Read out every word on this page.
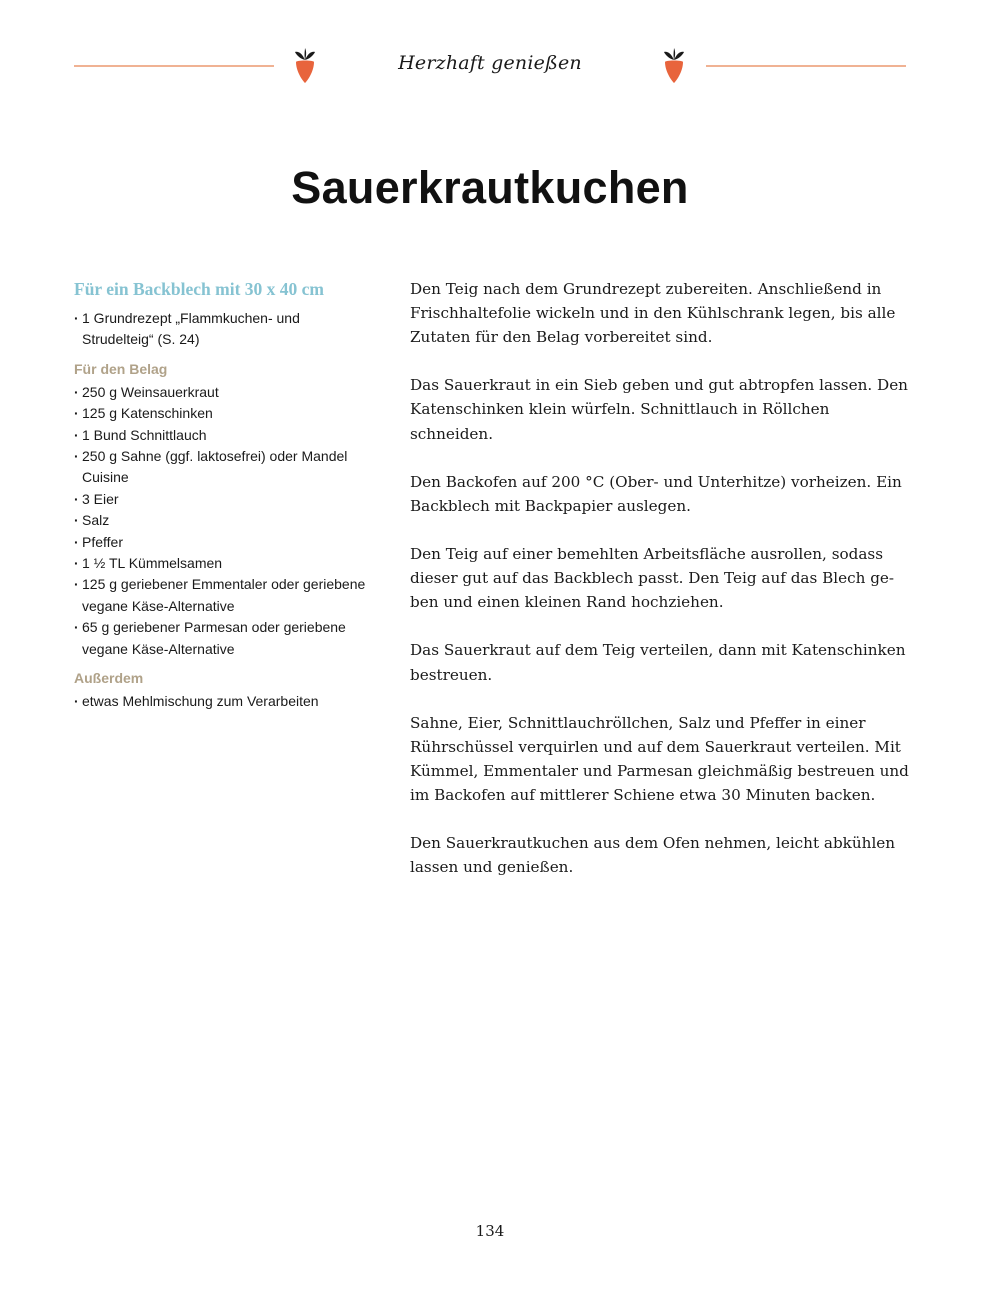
Herzhaft genießen
Sauerkrautkuchen
Für ein Backblech mit 30 x 40 cm
· 1 Grundrezept „Flammkuchen- und Strudelteig“ (S. 24)
Für den Belag
· 250 g Weinsauerkraut
· 125 g Katenschinken
· 1 Bund Schnittlauch
· 250 g Sahne (ggf. laktosefrei) oder Mandel Cuisine
· 3 Eier
· Salz
· Pfeffer
· 1 ½ TL Kümmelsamen
· 125 g geriebener Emmentaler oder geriebene vegane Käse-Alternative
· 65 g geriebener Parmesan oder geriebene vegane Käse-Alternative
Außerdem
· etwas Mehlmischung zum Verarbeiten

Den Teig nach dem Grundrezept zubereiten. Anschließend in Frischhaltefolie wickeln und in den Kühlschrank legen, bis alle Zutaten für den Belag vorbereitet sind.

Das Sauerkraut in ein Sieb geben und gut abtropfen lassen. Den Katenschinken klein würfeln. Schnittlauch in Röllchen schneiden.

Den Backofen auf 200 °C (Ober- und Unterhitze) vorheizen. Ein Backblech mit Backpapier auslegen.

Den Teig auf einer bemehlten Arbeitsfläche ausrollen, sodass dieser gut auf das Backblech passt. Den Teig auf das Blech geben und einen kleinen Rand hochziehen.

Das Sauerkraut auf dem Teig verteilen, dann mit Katenschinken bestreuen.

Sahne, Eier, Schnittlauchröllchen, Salz und Pfeffer in einer Rührschüssel verquirlen und auf dem Sauerkraut verteilen. Mit Kümmel, Emmentaler und Parmesan gleichmäßig bestreuen und im Backofen auf mittlerer Schiene etwa 30 Minuten backen.

Den Sauerkrautkuchen aus dem Ofen nehmen, leicht abkühlen lassen und genießen.

134
